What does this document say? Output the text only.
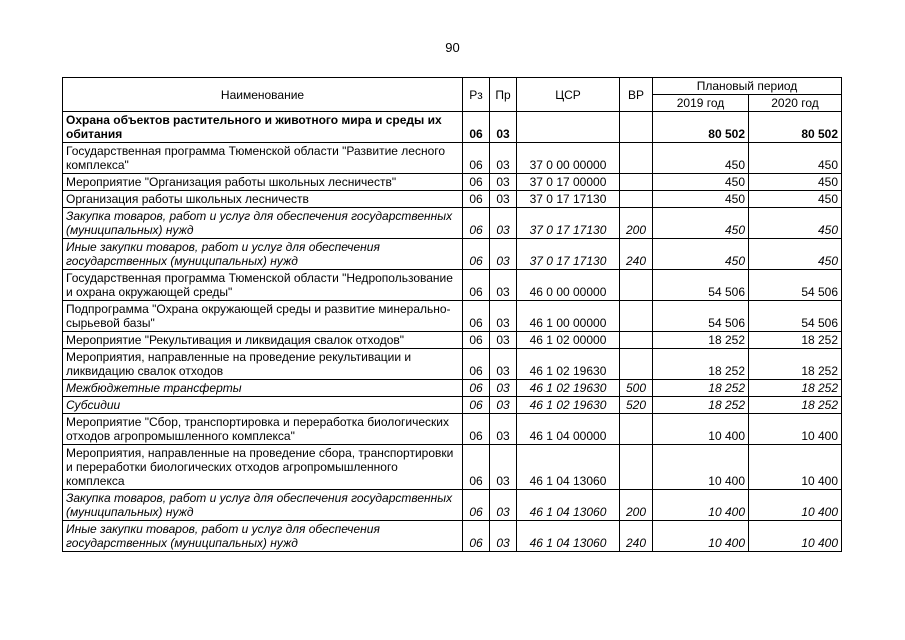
90
Наименование	Рз	Пр	ЦСР	ВР	Плановый период	
					2019 год	2020 год
Охрана объектов растительного и животного мира и среды их обитания	06	03			80 502	80 502
Государственная программа Тюменской области "Развитие лесного комплекса"	06	03	37 0 00 00000		450	450
Мероприятие "Организация работы школьных лесничеств"	06	03	37 0 17 00000		450	450
Организация работы школьных лесничеств	06	03	37 0 17 17130		450	450
Закупка товаров, работ и услуг для обеспечения государственных (муниципальных) нужд	06	03	37 0 17 17130	200	450	450
Иные закупки товаров, работ и услуг для обеспечения государственных (муниципальных) нужд	06	03	37 0 17 17130	240	450	450
Государственная программа Тюменской области "Недропользование и охрана окружающей среды"	06	03	46 0 00 00000		54 506	54 506
Подпрограмма "Охрана окружающей среды и развитие минерально-сырьевой базы"	06	03	46 1 00 00000		54 506	54 506
Мероприятие "Рекультивация и ликвидация свалок отходов"	06	03	46 1 02 00000		18 252	18 252
Мероприятия, направленные на проведение рекультивации и ликвидацию свалок отходов	06	03	46 1 02 19630		18 252	18 252
Межбюджетные трансферты	06	03	46 1 02 19630	500	18 252	18 252
Субсидии	06	03	46 1 02 19630	520	18 252	18 252
Мероприятие "Сбор, транспортировка и переработка биологических отходов агропромышленного комплекса"	06	03	46 1 04 00000		10 400	10 400
Мероприятия, направленные на проведение сбора, транспортировки и переработки биологических отходов агропромышленного комплекса	06	03	46 1 04 13060		10 400	10 400
Закупка товаров, работ и услуг для обеспечения государственных (муниципальных) нужд	06	03	46 1 04 13060	200	10 400	10 400
Иные закупки товаров, работ и услуг для обеспечения государственных (муниципальных) нужд	06	03	46 1 04 13060	240	10 400	10 400
